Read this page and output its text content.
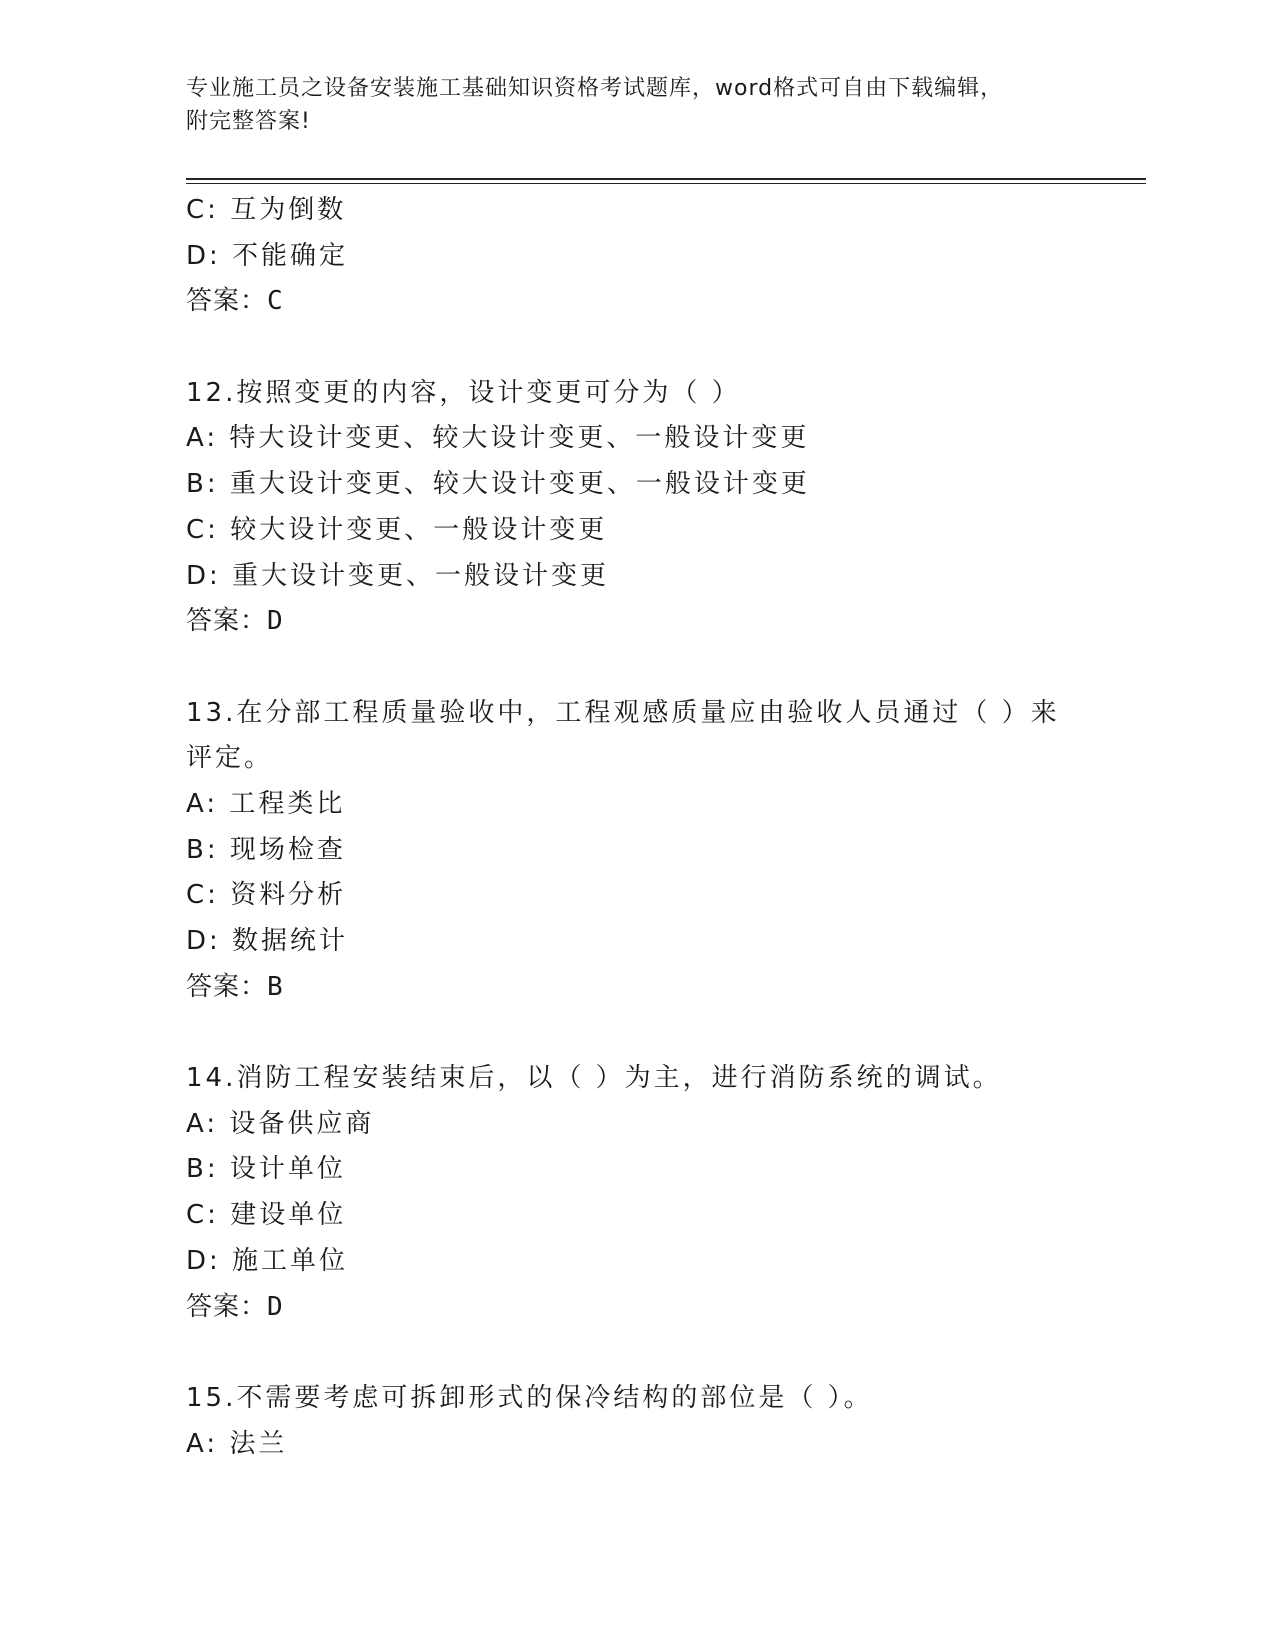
专业施工员之设备安装施工基础知识资格考试题库，word格式可自由下载编辑，
附完整答案!
C: 互为倒数
D: 不能确定
答案：C
12.按照变更的内容，设计变更可分为（ ）
A: 特大设计变更、较大设计变更、一般设计变更
B: 重大设计变更、较大设计变更、一般设计变更
C: 较大设计变更、一般设计变更
D: 重大设计变更、一般设计变更
答案：D
13.在分部工程质量验收中，工程观感质量应由验收人员通过（ ）来
评定。
A: 工程类比
B: 现场检查
C: 资料分析
D: 数据统计
答案：B
14.消防工程安装结束后，以（ ）为主，进行消防系统的调试。
A: 设备供应商
B: 设计单位
C: 建设单位
D: 施工单位
答案：D
15.不需要考虑可拆卸形式的保冷结构的部位是（ ）。
A: 法兰
